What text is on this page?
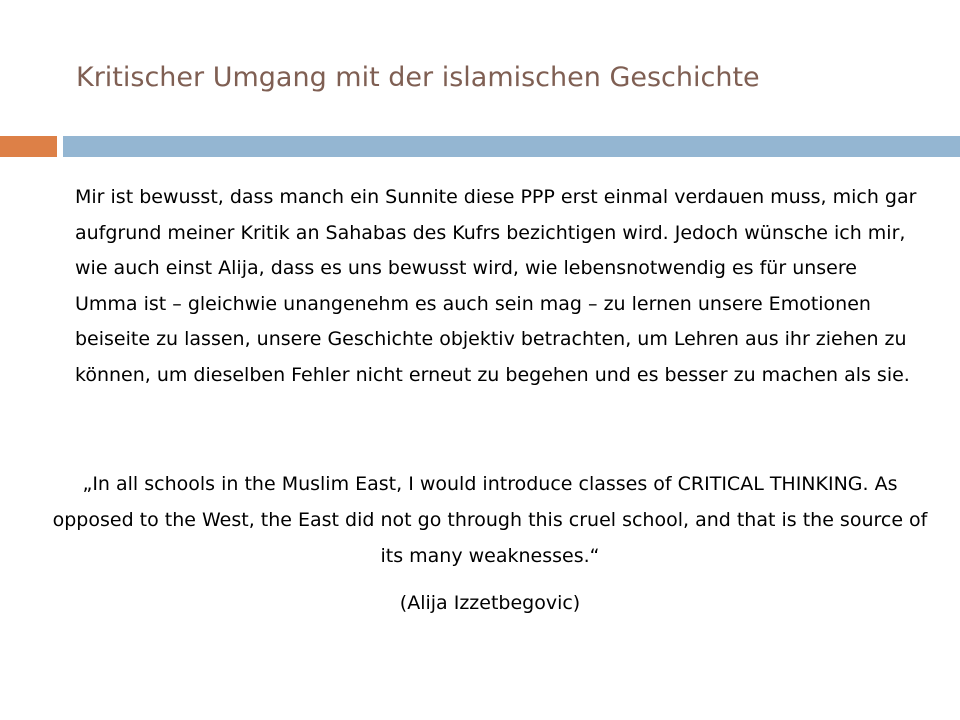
Kritischer Umgang mit der islamischen Geschichte

Mir ist bewusst, dass manch ein Sunnite diese PPP erst einmal verdauen muss, mich gar aufgrund meiner Kritik an Sahabas des Kufrs bezichtigen wird. Jedoch wünsche ich mir, wie auch einst Alija, dass es uns bewusst wird, wie lebensnotwendig es für unsere Umma ist – gleichwie unangenehm es auch sein mag – zu lernen unsere Emotionen beiseite zu lassen, unsere Geschichte objektiv betrachten, um Lehren aus ihr ziehen zu können, um dieselben Fehler nicht erneut zu begehen und es besser zu machen als sie.

„In all schools in the Muslim East, I would introduce classes of CRITICAL THINKING. As opposed to the West, the East did not go through this cruel school, and that is the source of its many weaknesses.“

(Alija Izzetbegovic)
